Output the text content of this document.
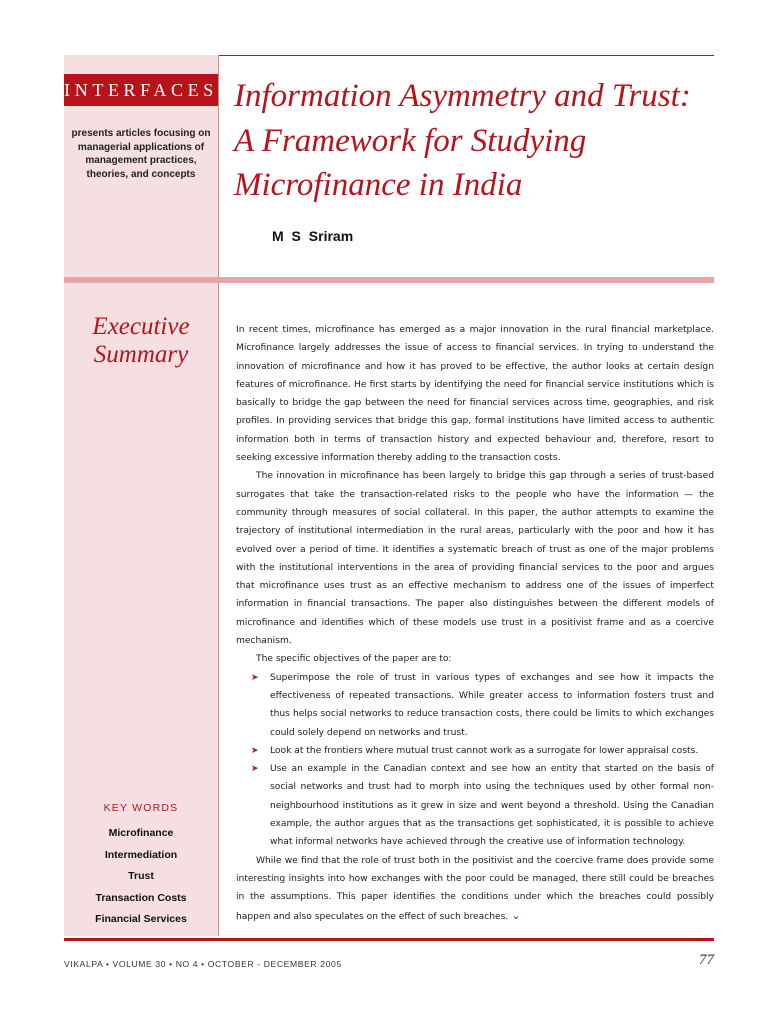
INTERFACES
presents articles focusing on managerial applications of management practices, theories, and concepts
Information Asymmetry and Trust:
A Framework for Studying
Microfinance in India
M S Sriram
Executive
Summary
KEY WORDS
Microfinance
Intermediation
Trust
Transaction Costs
Financial Services

In recent times, microfinance has emerged as a major innovation in the rural financial marketplace. Microfinance largely addresses the issue of access to financial services. In trying to understand the innovation of microfinance and how it has proved to be effective, the author looks at certain design features of microfinance. He first starts by identifying the need for financial service institutions which is basically to bridge the gap between the need for financial services across time, geographies, and risk profiles. In providing services that bridge this gap, formal institutions have limited access to authentic information both in terms of transaction history and expected behaviour and, therefore, resort to seeking excessive information thereby adding to the transaction costs.

The innovation in microfinance has been largely to bridge this gap through a series of trust-based surrogates that take the transaction-related risks to the people who have the information — the community through measures of social collateral. In this paper, the author attempts to examine the trajectory of institutional intermediation in the rural areas, particularly with the poor and how it has evolved over a period of time. It identifies a systematic breach of trust as one of the major problems with the institutional interventions in the area of providing financial services to the poor and argues that microfinance uses trust as an effective mechanism to address one of the issues of imperfect information in financial transactions. The paper also distinguishes between the different models of microfinance and identifies which of these models use trust in a positivist frame and as a coercive mechanism.

The specific objectives of the paper are to:

➤ Superimpose the role of trust in various types of exchanges and see how it impacts the effectiveness of repeated transactions. While greater access to information fosters trust and thus helps social networks to reduce transaction costs, there could be limits to which exchanges could solely depend on networks and trust.
➤ Look at the frontiers where mutual trust cannot work as a surrogate for lower appraisal costs.
➤ Use an example in the Canadian context and see how an entity that started on the basis of social networks and trust had to morph into using the techniques used by other formal non-neighbourhood institutions as it grew in size and went beyond a threshold. Using the Canadian example, the author argues that as the transactions get sophisticated, it is possible to achieve what informal networks have achieved through the creative use of information technology.

While we find that the role of trust both in the positivist and the coercive frame does provide some interesting insights into how exchanges with the poor could be managed, there still could be breaches in the assumptions. This paper identifies the conditions under which the breaches could possibly happen and also speculates on the effect of such breaches. ⌄

VIKALPA • VOLUME 30 • NO 4 • OCTOBER - DECEMBER 2005	77
